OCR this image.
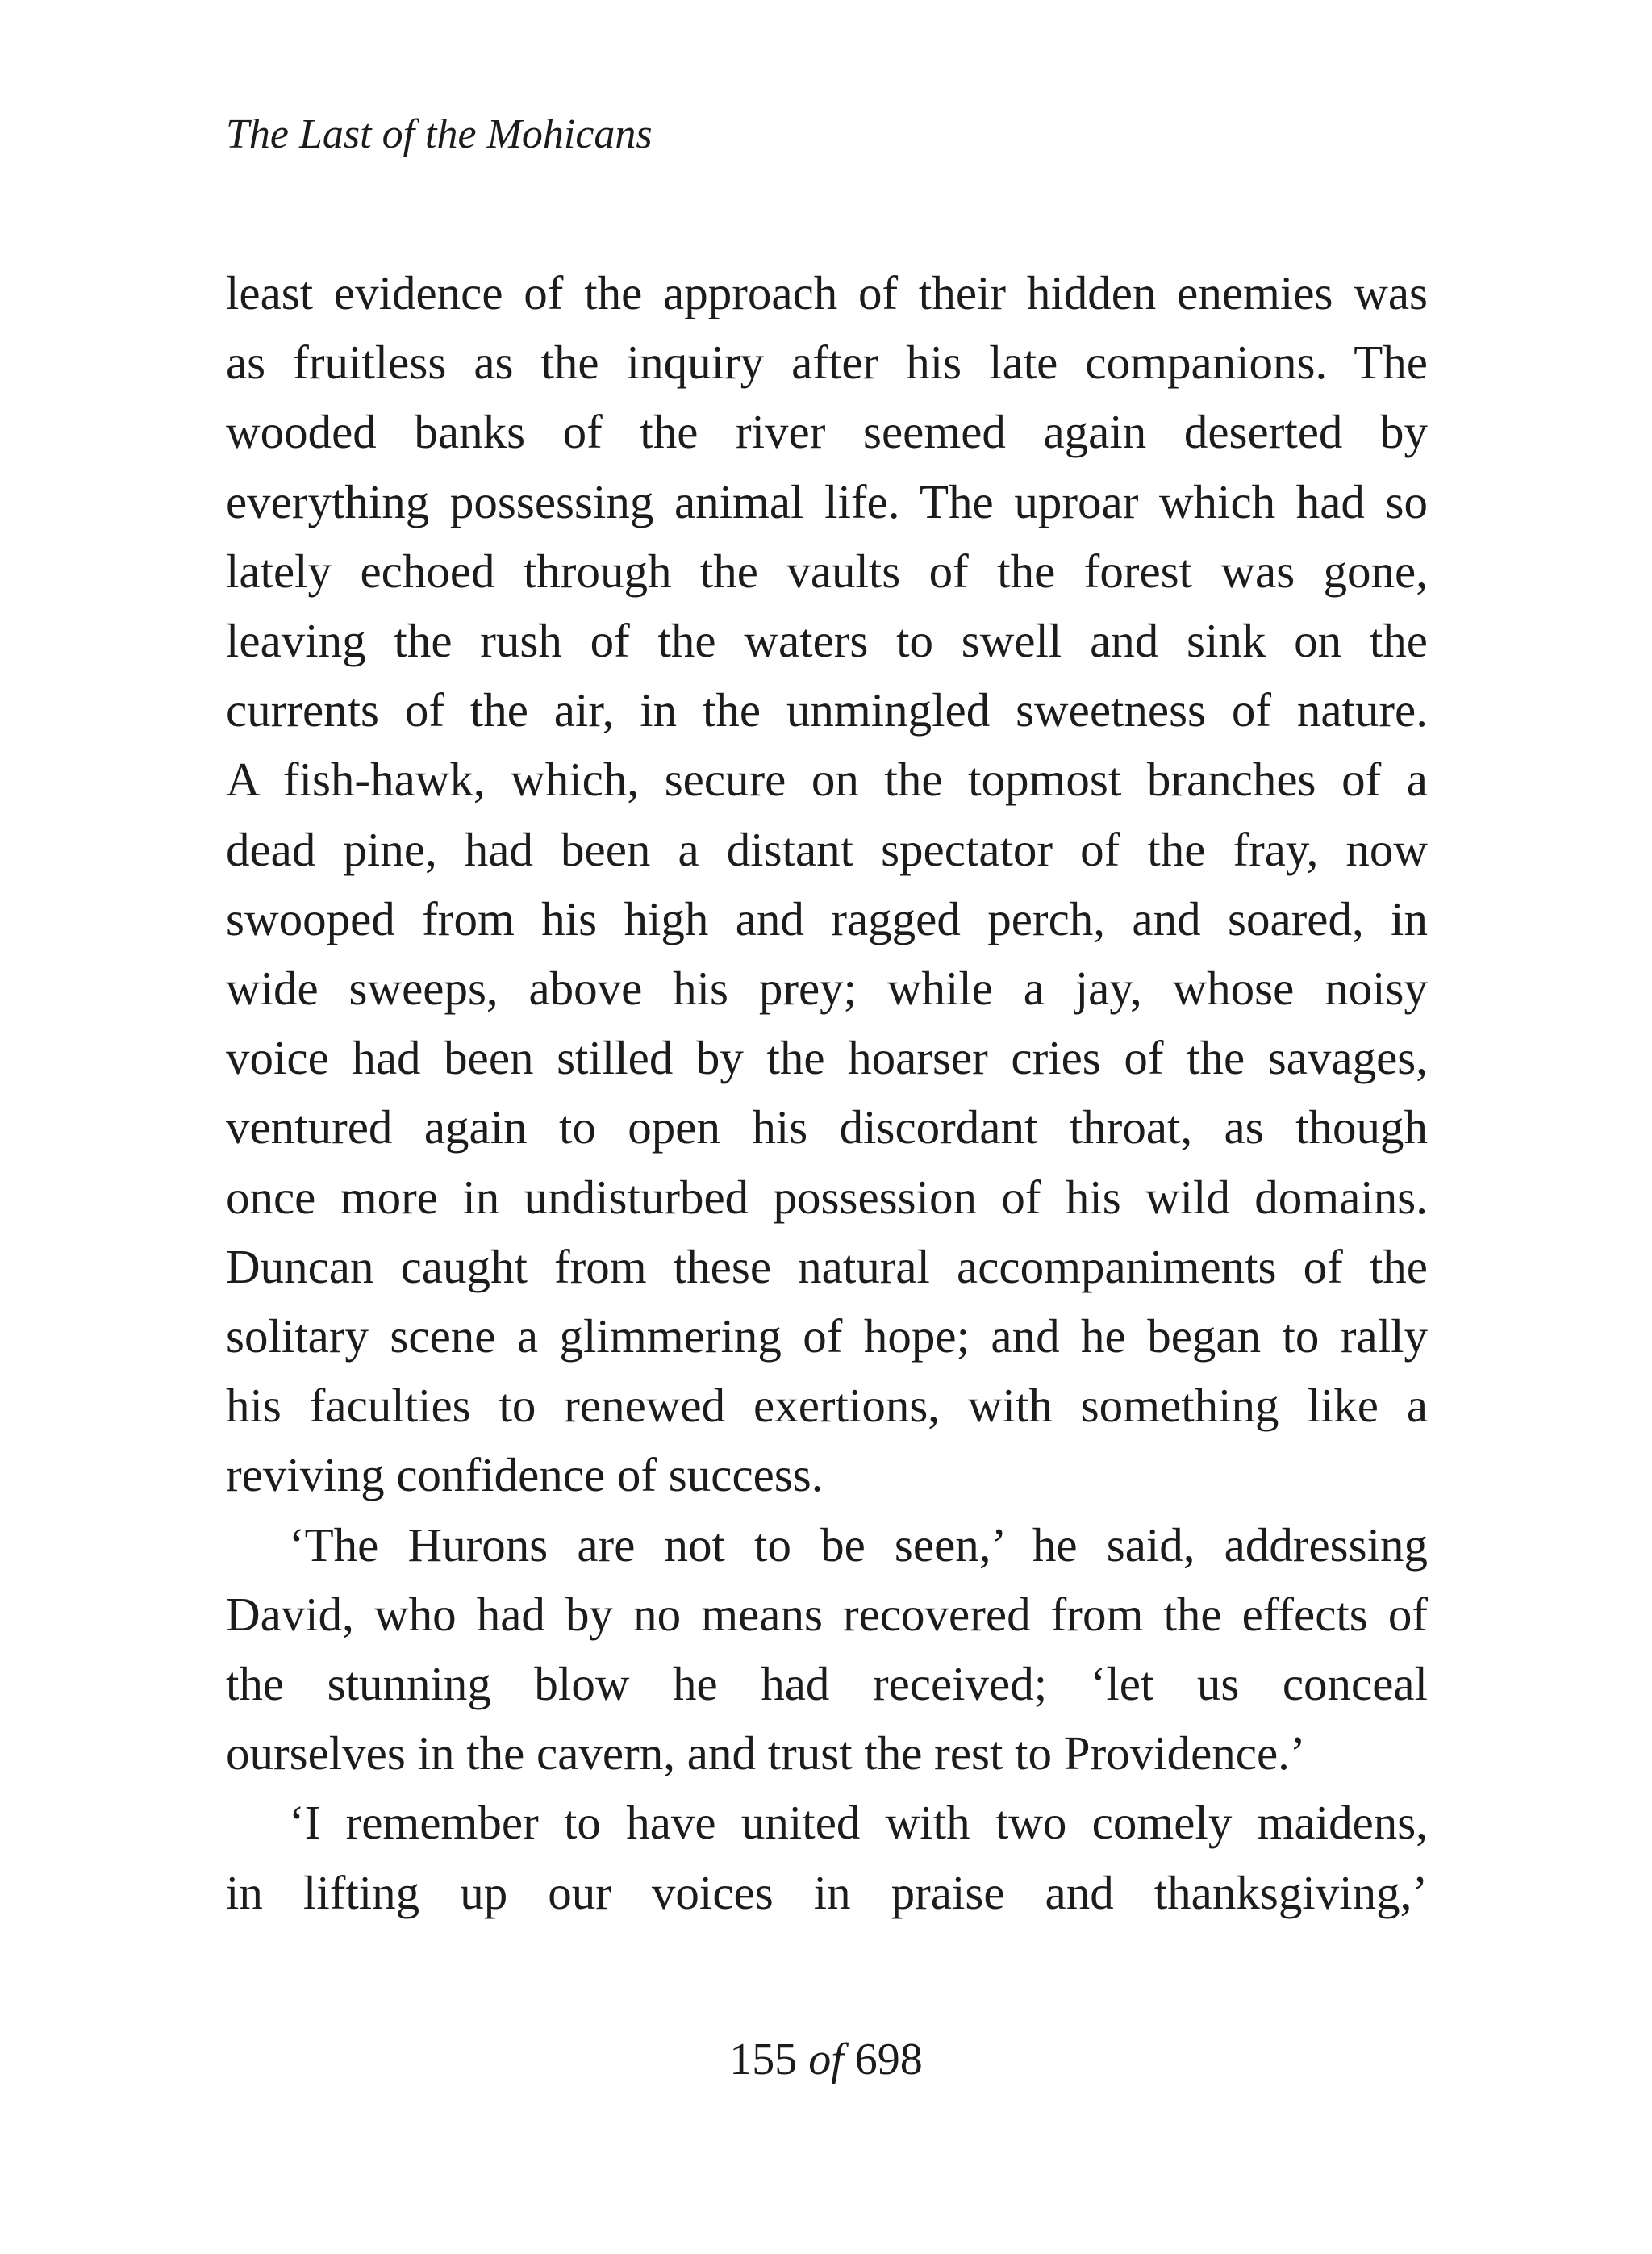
The Last of the Mohicans

least evidence of the approach of their hidden enemies was
as fruitless as the inquiry after his late companions. The
wooded banks of the river seemed again deserted by
everything possessing animal life. The uproar which had so
lately echoed through the vaults of the forest was gone,
leaving the rush of the waters to swell and sink on the
currents of the air, in the unmingled sweetness of nature.
A fish-hawk, which, secure on the topmost branches of a
dead pine, had been a distant spectator of the fray, now
swooped from his high and ragged perch, and soared, in
wide sweeps, above his prey; while a jay, whose noisy
voice had been stilled by the hoarser cries of the savages,
ventured again to open his discordant throat, as though
once more in undisturbed possession of his wild domains.
Duncan caught from these natural accompaniments of the
solitary scene a glimmering of hope; and he began to rally
his faculties to renewed exertions, with something like a
reviving confidence of success.

‘The Hurons are not to be seen,’ he said, addressing
David, who had by no means recovered from the effects of
the stunning blow he had received; ‘let us conceal
ourselves in the cavern, and trust the rest to Providence.’

‘I remember to have united with two comely maidens,
in lifting up our voices in praise and thanksgiving,’

155 of 698
